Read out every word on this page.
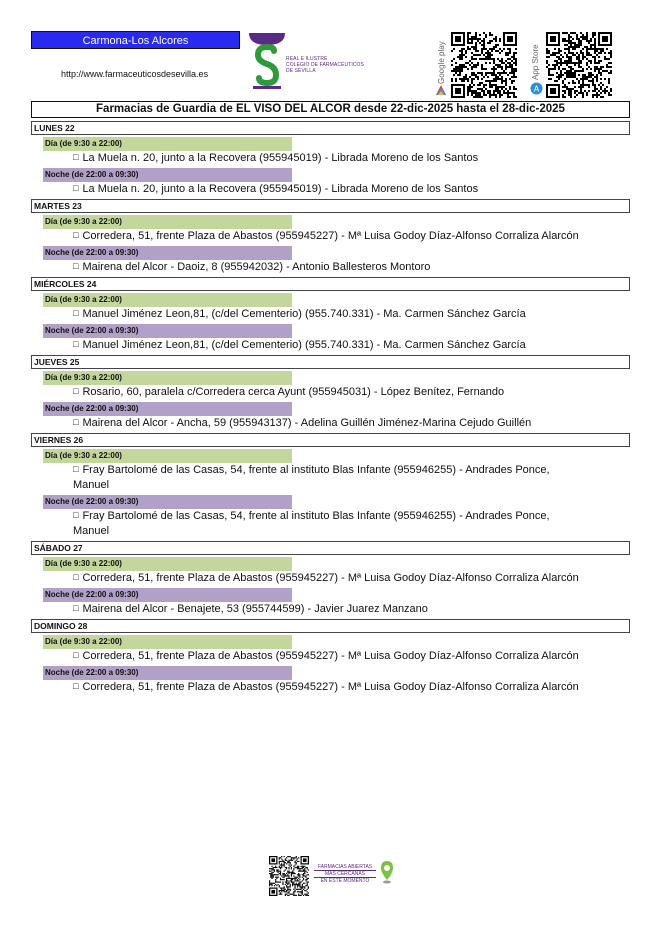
Carmona-Los Alcores
http://www.farmaceuticosdesevilla.es
REAL E ILUSTRE
COLEGIO DE FARMACÉUTICOS
DE SEVILLA	Google play	App Store
A
Farmacias de Guardia de EL VISO DEL ALCOR desde 22-dic-2025 hasta el 28-dic-2025
LUNES 22
Día (de 9:30 a 22:00)
□ La Muela n. 20, junto a la Recovera (955945019) - Librada Moreno de los Santos
Noche (de 22:00 a 09:30)
□ La Muela n. 20, junto a la Recovera (955945019) - Librada Moreno de los Santos
MARTES 23
Día (de 9:30 a 22:00)
□ Corredera, 51, frente Plaza de Abastos (955945227) - Mª Luisa Godoy Díaz-Alfonso Corraliza Alarcón
Noche (de 22:00 a 09:30)
□ Mairena del Alcor - Daoiz, 8 (955942032) - Antonio Ballesteros Montoro
MIÉRCOLES 24
Día (de 9:30 a 22:00)
□ Manuel Jiménez Leon,81, (c/del Cementerio) (955.740.331) - Ma. Carmen Sánchez García
Noche (de 22:00 a 09:30)
□ Manuel Jiménez Leon,81, (c/del Cementerio) (955.740.331) - Ma. Carmen Sánchez García
JUEVES 25
Día (de 9:30 a 22:00)
□ Rosario, 60, paralela c/Corredera cerca Ayunt (955945031) - López Benítez, Fernando
Noche (de 22:00 a 09:30)
□ Mairena del Alcor - Ancha, 59 (955943137) - Adelina Guillén Jiménez-Marina Cejudo Guillén
VIERNES 26
Día (de 9:30 a 22:00)
□ Fray Bartolomé de las Casas, 54, frente al instituto Blas Infante (955946255) - Andrades Ponce, Manuel
Noche (de 22:00 a 09:30)
□ Fray Bartolomé de las Casas, 54, frente al instituto Blas Infante (955946255) - Andrades Ponce, Manuel
SÁBADO 27
Día (de 9:30 a 22:00)
□ Corredera, 51, frente Plaza de Abastos (955945227) - Mª Luisa Godoy Díaz-Alfonso Corraliza Alarcón
Noche (de 22:00 a 09:30)
□ Mairena del Alcor - Benajete, 53 (955744599) - Javier Juarez Manzano
DOMINGO 28
Día (de 9:30 a 22:00)
□ Corredera, 51, frente Plaza de Abastos (955945227) - Mª Luisa Godoy Díaz-Alfonso Corraliza Alarcón
Noche (de 22:00 a 09:30)
□ Corredera, 51, frente Plaza de Abastos (955945227) - Mª Luisa Godoy Díaz-Alfonso Corraliza Alarcón
FARMACIAS ABIERTAS
MÁS CERCANAS
EN ESTE MOMENTO
